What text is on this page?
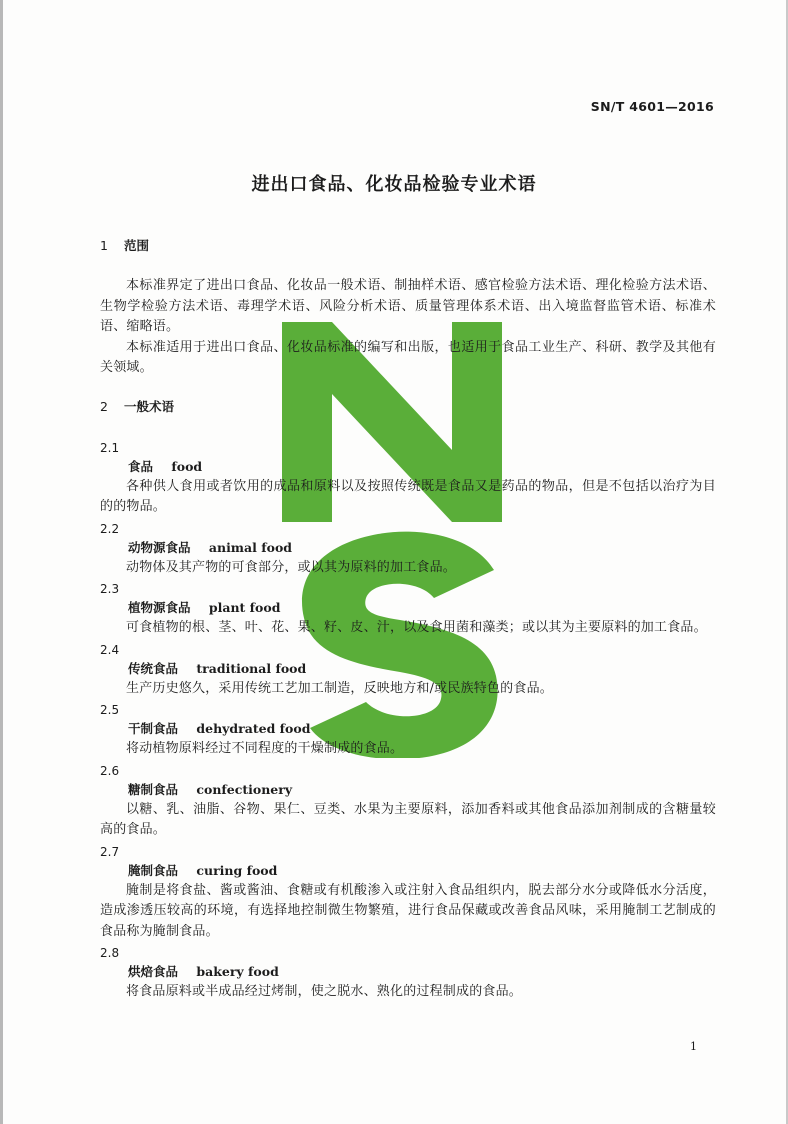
SN/T 4601—2016
进出口食品、化妆品检验专业术语
1	范围

本标准界定了进出口食品、化妆品一般术语、制抽样术语、感官检验方法术语、理化检验方法术语、生物学检验方法术语、毒理学术语、风险分析术语、质量管理体系术语、出入境监督监管术语、标准术语、缩略语。

本标准适用于进出口食品、化妆品标准的编写和出版，也适用于食品工业生产、科研、教学及其他有关领域。

2	一般术语
2.1
食品 food

各种供人食用或者饮用的成品和原料以及按照传统既是食品又是药品的物品，但是不包括以治疗为目的的物品。

2.2
动物源食品 animal food

动物体及其产物的可食部分，或以其为原料的加工食品。

2.3
植物源食品 plant food

可食植物的根、茎、叶、花、果、籽、皮、汁，以及食用菌和藻类；或以其为主要原料的加工食品。

2.4
传统食品 traditional food

生产历史悠久，采用传统工艺加工制造，反映地方和/或民族特色的食品。

2.5
干制食品 dehydrated food

将动植物原料经过不同程度的干燥制成的食品。

2.6
糖制食品 confectionery

以糖、乳、油脂、谷物、果仁、豆类、水果为主要原料，添加香料或其他食品添加剂制成的含糖量较高的食品。

2.7
腌制食品 curing food

腌制是将食盐、酱或酱油、食糖或有机酸渗入或注射入食品组织内，脱去部分水分或降低水分活度，造成渗透压较高的环境，有选择地控制微生物繁殖，进行食品保藏或改善食品风味，采用腌制工艺制成的食品称为腌制食品。

2.8
烘焙食品 bakery food

将食品原料或半成品经过烤制，使之脱水、熟化的过程制成的食品。

1
